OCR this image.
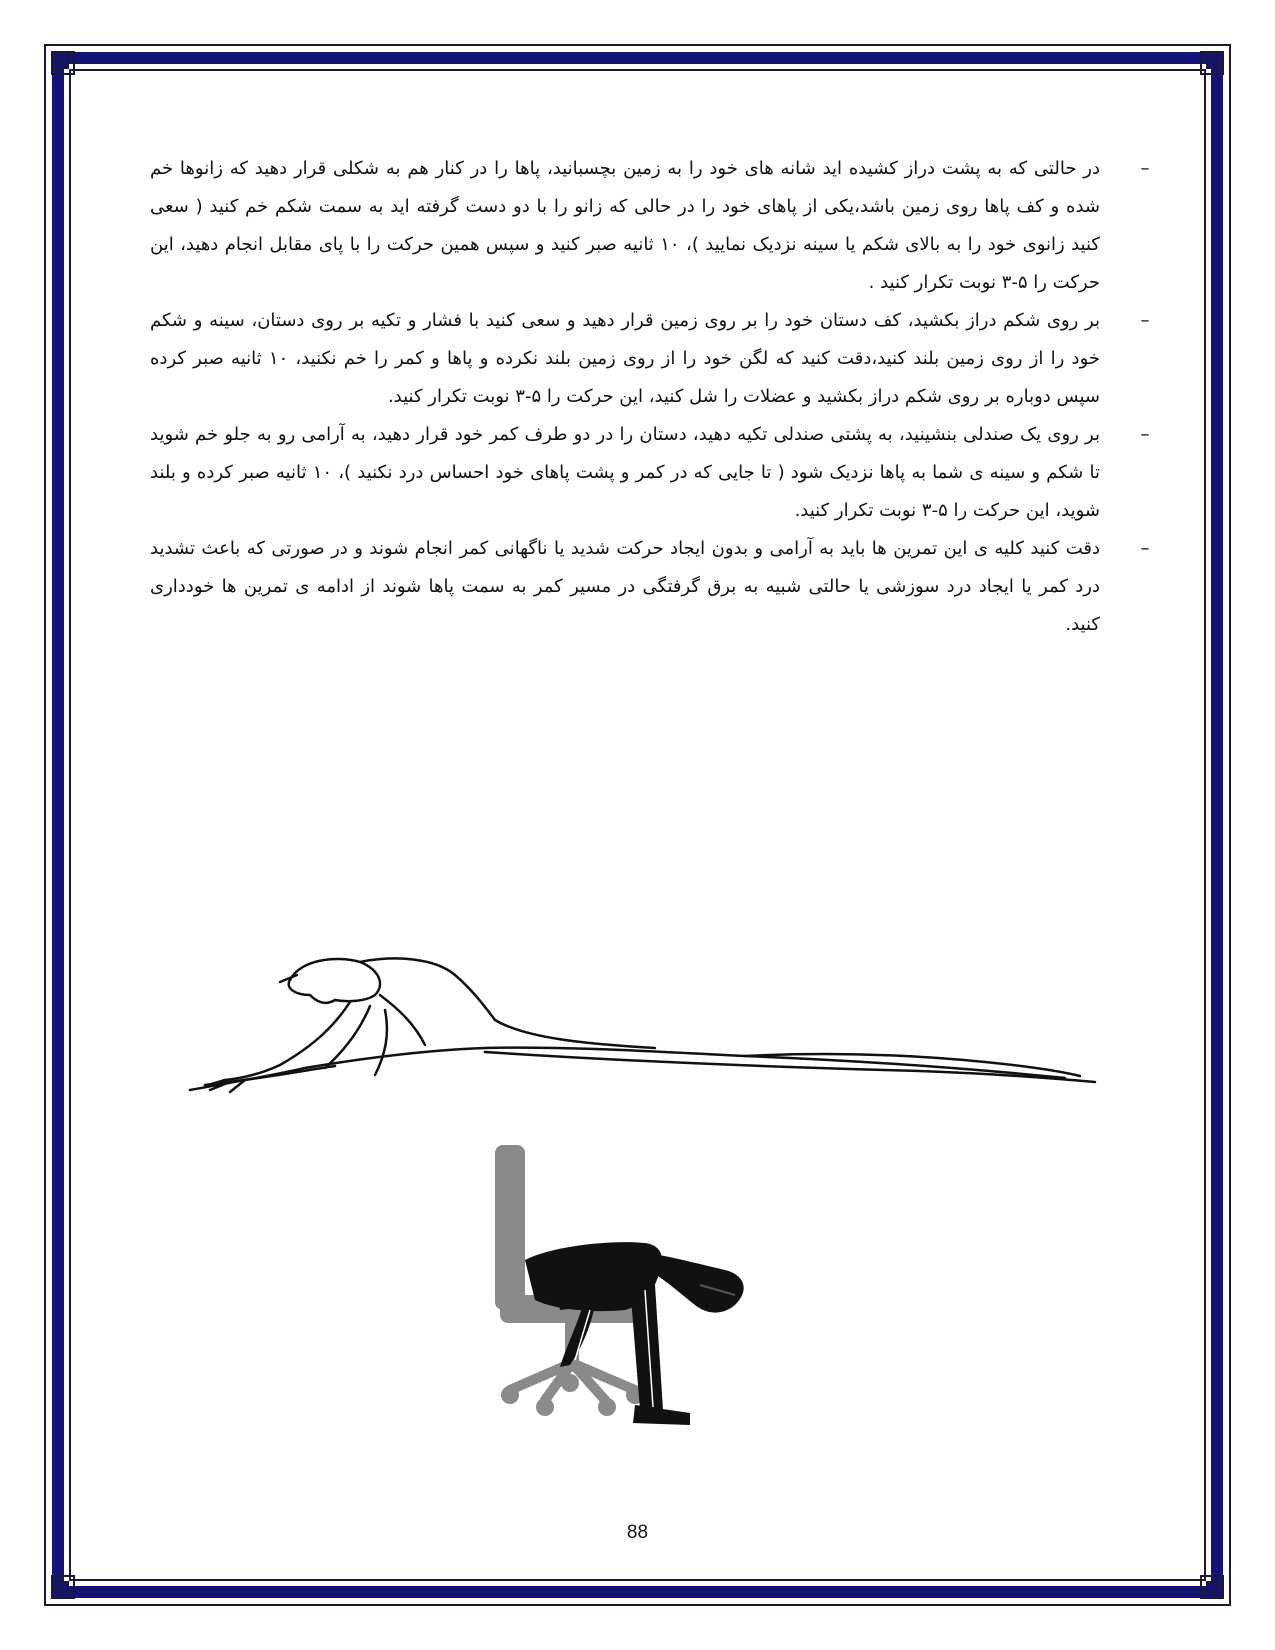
–
در حالتی که به پشت دراز کشیده اید شانه های خود را به زمین بچسبانید، پاها را در کنار هم به شکلی قرار دهید که زانوها خم شده و کف پاها روی زمین باشد،یکی از پاهای خود را در حالی که زانو را با دو دست گرفته اید به سمت شکم خم کنید ( سعی کنید زانوی خود را به بالای شکم یا سینه نزدیک نمایید )، ۱۰ ثانیه صبر کنید و سپس همین حرکت را با پای مقابل انجام دهید، این حرکت را ۵-۳ نوبت تکرار کنید .
–
بر روی شکم دراز بکشید، کف دستان خود را بر روی زمین قرار دهید و سعی کنید با فشار و تکیه بر روی دستان، سینه و شکم خود را از روی زمین بلند کنید،دقت کنید که لگن خود را از روی زمین بلند نکرده و پاها و کمر را خم نکنید، ۱۰ ثانیه صبر کرده سپس دوباره بر روی شکم دراز بکشید و عضلات را شل کنید، این حرکت را ۵-۳ نوبت تکرار کنید.
–
بر روی یک صندلی بنشینید، به پشتی صندلی تکیه دهید، دستان را در دو طرف کمر خود قرار دهید، به آرامی رو به جلو خم شوید تا شکم و سینه ی شما به پاها نزدیک شود ( تا جایی که در کمر و پشت پاهای خود احساس درد نکنید )، ۱۰ ثانیه صبر کرده و بلند شوید، این حرکت را ۵-۳ نوبت تکرار کنید.
–
دقت کنید کلیه ی این تمرین ها باید به آرامی و بدون ایجاد حرکت شدید یا ناگهانی کمر انجام شوند و در صورتی که باعث تشدید درد کمر یا ایجاد درد سوزشی یا حالتی شبیه به برق گرفتگی در مسیر کمر به سمت پاها شوند از ادامه ی تمرین ها خودداری کنید.
88
